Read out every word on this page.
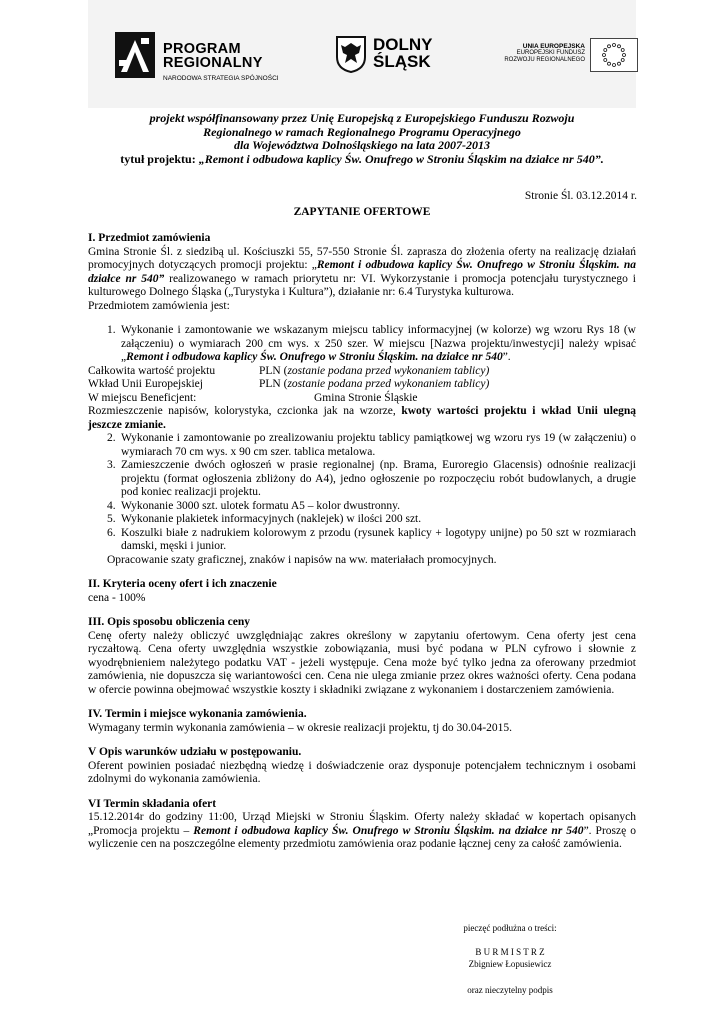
PROGRAM
REGIONALNY
NARODOWA STRATEGIA SPÓJNOŚCI
DOLNY
ŚLĄSK
UNIA EUROPEJSKA
EUROPEJSKI FUNDUSZ
ROZWOJU REGIONALNEGO
projekt współfinansowany przez Unię Europejską z Europejskiego Funduszu Rozwoju
Regionalnego w ramach Regionalnego Programu Operacyjnego
dla Województwa Dolnośląskiego na lata 2007-2013
tytuł projektu: „Remont i odbudowa kaplicy Św. Onufrego w Stroniu Śląskim na działce nr 540”.
Stronie Śl. 03.12.2014 r.
ZAPYTANIE OFERTOWE

I. Przedmiot zamówienia

Gmina Stronie Śl. z siedzibą ul. Kościuszki 55, 57-550 Stronie Śl. zaprasza do złożenia oferty na realizację działań promocyjnych dotyczących promocji projektu: „Remont i odbudowa kaplicy Św. Onufrego w Stroniu Śląskim. na działce nr 540” realizowanego w ramach priorytetu nr: VI. Wykorzystanie i promocja potencjału turystycznego i kulturowego Dolnego Śląska („Turystyka i Kultura”), działanie nr: 6.4 Turystyka kulturowa.

Przedmiotem zamówienia jest:

1. Wykonanie i zamontowanie we wskazanym miejscu tablicy informacyjnej (w kolorze) wg wzoru Rys 18 (w załączeniu) o wymiarach 200 cm wys. x 250 szer. W miejscu [Nazwa projektu/inwestycji] należy wpisać „Remont i odbudowa kaplicy Św. Onufrego w Stroniu Śląskim. na działce nr 540”.
Całkowita wartość projektu	PLN (zostanie podana przed wykonaniem tablicy)
Wkład Unii Europejskiej	PLN (zostanie podana przed wykonaniem tablicy)
W miejscu Beneficjent:	Gmina Stronie Śląskie

Rozmieszczenie napisów, kolorystyka, czcionka jak na wzorze, kwoty wartości projektu i wkład Unii ulegną jeszcze zmianie.

2. Wykonanie i zamontowanie po zrealizowaniu projektu tablicy pamiątkowej wg wzoru rys 19 (w załączeniu) o wymiarach 70 cm wys. x 90 cm szer. tablica metalowa.
3. Zamieszczenie dwóch ogłoszeń w prasie regionalnej (np. Brama, Euroregio Glacensis) odnośnie realizacji projektu (format ogłoszenia zbliżony do A4), jedno ogłoszenie po rozpoczęciu robót budowlanych, a drugie pod koniec realizacji projektu.
4. Wykonanie 3000 szt. ulotek formatu A5 – kolor dwustronny.
5. Wykonanie plakietek informacyjnych (naklejek) w ilości 200 szt.
6. Koszulki białe z nadrukiem kolorowym z przodu (rysunek kaplicy + logotypy unijne) po 50 szt w rozmiarach damski, męski i junior.

Opracowanie szaty graficznej, znaków i napisów na ww. materiałach promocyjnych.

II. Kryteria oceny ofert i ich znaczenie

cena - 100%

III. Opis sposobu obliczenia ceny

Cenę oferty należy obliczyć uwzględniając zakres określony w zapytaniu ofertowym. Cena oferty jest cena ryczałtową. Cena oferty uwzględnia wszystkie zobowiązania, musi być podana w PLN cyfrowo i słownie z wyodrębnieniem należytego podatku VAT - jeżeli występuje. Cena może być tylko jedna za oferowany przedmiot zamówienia, nie dopuszcza się wariantowości cen. Cena nie ulega zmianie przez okres ważności oferty. Cena podana w ofercie powinna obejmować wszystkie koszty i składniki związane z wykonaniem i dostarczeniem zamówienia.

IV. Termin i miejsce wykonania zamówienia.

Wymagany termin wykonania zamówienia – w okresie realizacji projektu, tj do 30.04-2015.

V Opis warunków udziału w postępowaniu.

Oferent powinien posiadać niezbędną wiedzę i doświadczenie oraz dysponuje potencjałem technicznym i osobami zdolnymi do wykonania zamówienia.

VI Termin składania ofert

15.12.2014r do godziny 11:00, Urząd Miejski w Stroniu Śląskim. Oferty należy składać w kopertach opisanych „Promocja projektu – Remont i odbudowa kaplicy Św. Onufrego w Stroniu Śląskim. na działce nr 540”. Proszę o wyliczenie cen na poszczególne elementy przedmiotu zamówienia oraz podanie łącznej ceny za całość zamówienia.

pieczęć podłużna o treści:
B U R M I S T R Z
Zbigniew Łopusiewicz
oraz nieczytelny podpis
